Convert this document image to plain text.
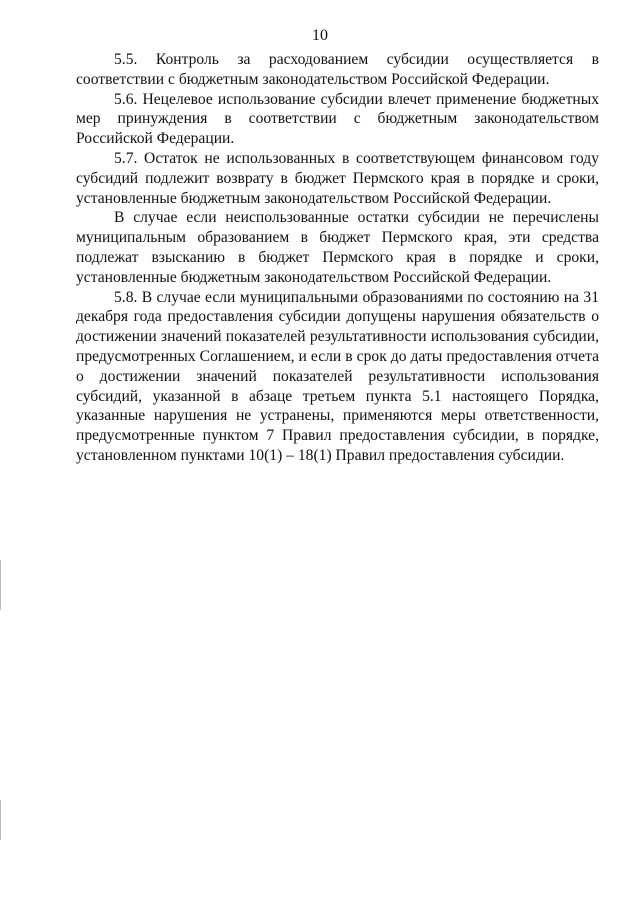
10

5.5. Контроль за расходованием субсидии осуществляется в соответствии с бюджетным законодательством Российской Федерации.

5.6. Нецелевое использование субсидии влечет применение бюджетных мер принуждения в соответствии с бюджетным законодательством Российской Федерации.

5.7. Остаток не использованных в соответствующем финансовом году субсидий подлежит возврату в бюджет Пермского края в порядке и сроки, установленные бюджетным законодательством Российской Федерации.

В случае если неиспользованные остатки субсидии не перечислены муниципальным образованием в бюджет Пермского края, эти средства подлежат взысканию в бюджет Пермского края в порядке и сроки, установленные бюджетным законодательством Российской Федерации.

5.8. В случае если муниципальными образованиями по состоянию на 31 декабря года предоставления субсидии допущены нарушения обязательств о достижении значений показателей результативности использования субсидии, предусмотренных Соглашением, и если в срок до даты предоставления отчета о достижении значений показателей результативности использования субсидий, указанной в абзаце третьем пункта 5.1 настоящего Порядка, указанные нарушения не устранены, применяются меры ответственности, предусмотренные пунктом 7 Правил предоставления субсидии, в порядке, установленном пунктами 10(1) – 18(1) Правил предоставления субсидии.
